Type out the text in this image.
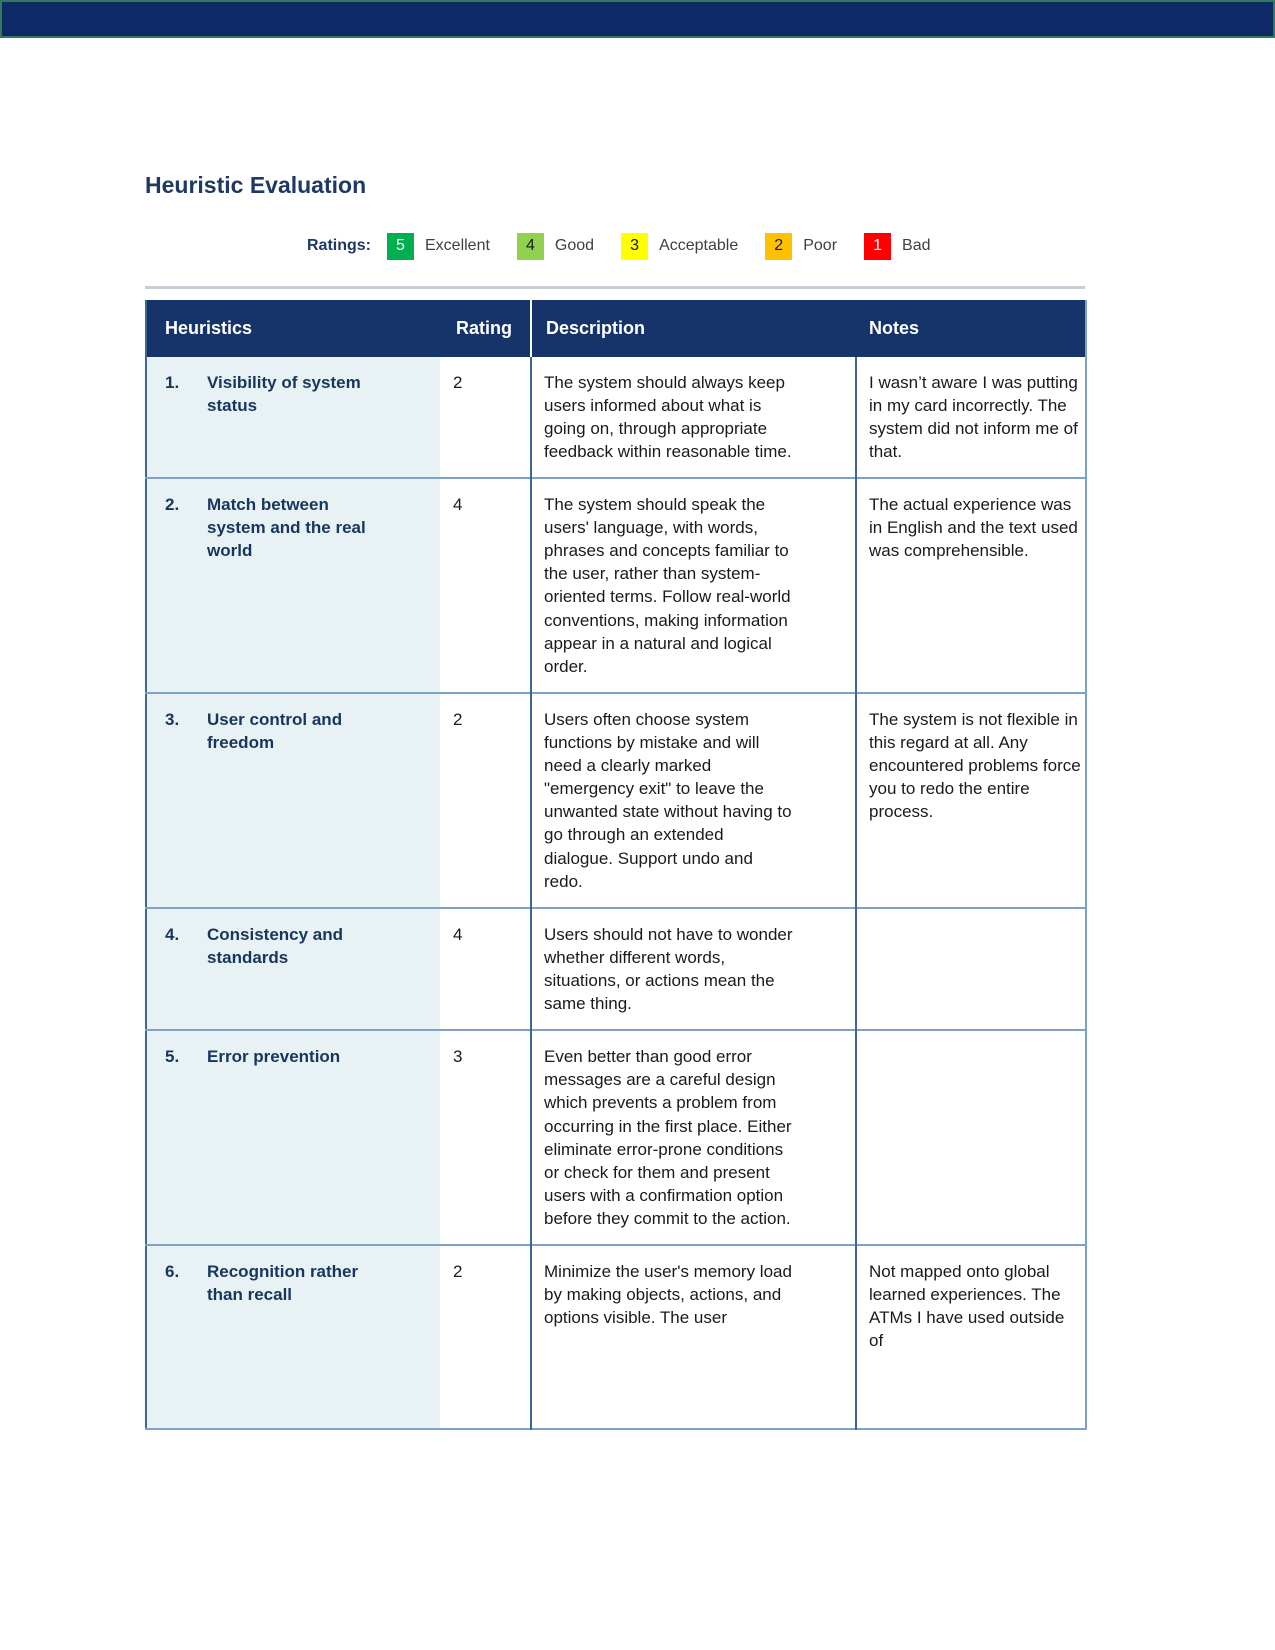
Heuristic Evaluation
Ratings: 5 Excellent 4 Good 3 Acceptable 2 Poor 1 Bad
Heuristics	Rating	Description	Notes

1. Visibility of system status	2	The system should always keep users informed about what is going on, through appropriate feedback within reasonable time.	I wasn’t aware I was putting in my card incorrectly. The system did not inform me of that.

2. Match between system and the real world	4	The system should speak the users' language, with words, phrases and concepts familiar to the user, rather than system-oriented terms. Follow real-world conventions, making information appear in a natural and logical order.	The actual experience was in English and the text used was comprehensible.

3. User control and freedom	2	Users often choose system functions by mistake and will need a clearly marked "emergency exit" to leave the unwanted state without having to go through an extended dialogue. Support undo and redo.	The system is not flexible in this regard at all. Any encountered problems force you to redo the entire process.

4. Consistency and standards	4	Users should not have to wonder whether different words, situations, or actions mean the same thing.	

5. Error prevention	3	Even better than good error messages are a careful design which prevents a problem from occurring in the first place. Either eliminate error-prone conditions or check for them and present users with a confirmation option before they commit to the action.	

6. Recognition rather than recall	2	Minimize the user's memory load by making objects, actions, and options visible. The user	Not mapped onto global learned experiences. The ATMs I have used outside of
